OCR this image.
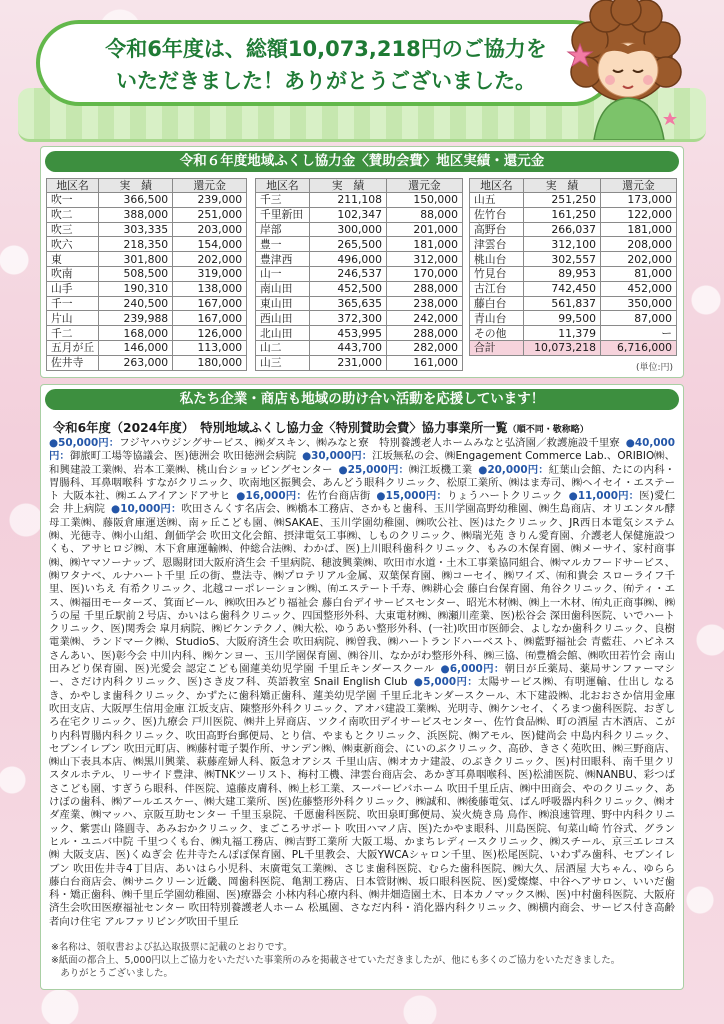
令和6年度は、総額10,073,218円のご協力を

いただきました！ありがとうございました。

令和６年度地域ふくし協力金〈賛助会費〉地区実績・還元金
地区名	実　績	還元金
吹一	366,500	239,000
吹二	388,000	251,000
吹三	303,335	203,000
吹六	218,350	154,000
東	301,800	202,000
吹南	508,500	319,000
山手	190,310	138,000
千一	240,500	167,000
片山	239,988	167,000
千二	168,000	126,000
五月が丘	146,000	113,000
佐井寺	263,000	180,000
地区名	実　績	還元金
千三	211,108	150,000
千里新田	102,347	88,000
岸部	300,000	201,000
豊一	265,500	181,000
豊津西	496,000	312,000
山一	246,537	170,000
南山田	452,500	288,000
東山田	365,635	238,000
西山田	372,300	242,000
北山田	453,995	288,000
山二	443,700	282,000
山三	231,000	161,000
地区名	実　績	還元金
山五	251,250	173,000
佐竹台	161,250	122,000
高野台	266,037	181,000
津雲台	312,100	208,000
桃山台	302,557	202,000
竹見台	89,953	81,000
古江台	742,450	452,000
藤白台	561,837	350,000
青山台	99,500	87,000
その他	11,379	ー
合計	10,073,218	6,716,000
(単位:円)
私たち企業・商店も地域の助け合い活動を応援しています！
令和6年度（2024年度）　特別地域ふくし協力金〈特別賛助会費〉協力事業所一覧（順不同・敬称略）
●50,000円：フジヤハウジングサービス、㈱ダスキン、㈱みなと寮　特別養護老人ホームみなと弘済園／救護施設千里寮 ●40,000円：御旅町工場等協議会、医)徳洲会 吹田徳洲会病院 ●30,000円：江坂無私の会、㈱Engagement Commerce Lab.、ORIBIO㈱、和興建設工業㈱、岩本工業㈱、桃山台ショッピングセンター ●25,000円：㈱江坂機工業 ●20,000円：紅葉山会館、たにの内科・胃腸科、耳鼻咽喉科 すながクリニック、吹南地区振興会、あんどう眼科クリニック、松原工業所、㈱はま寿司、㈱ヘイセイ・エステート 大阪本社、㈱エムアイアンドアサヒ ●16,000円：佐竹台商店街 ●15,000円：りょうハートクリニック ●11,000円：医)愛仁会 井上病院 ●10,000円：吹田さんくす名店会、㈱橋本工務店、さかもと歯科、玉川学園高野幼稚園、㈱生島商店、オリエンタル酵母工業㈱、藤阪倉庫運送㈱、南ヶ丘こども園、㈱SAKAE、玉川学園幼稚園、㈱吹公社、医)はたクリニック、JR西日本電気システム㈱、光徳寺、㈱小山組、創価学会 吹田文化会館、摂津電気工事㈱、しものクリニック、㈱瑞光苑 きりん愛育園、介護老人保健施設つくも、アサヒロジ㈱、木下倉庫運輸㈱、仲総合法㈱、わかば、医)上川眼科歯科クリニック、もみの木保育園、㈱メーサイ、家村商事㈱、㈱ヤマソーナップ、恩賜財団大阪府済生会 千里病院、穂波興業㈱、吹田市水道・土木工事業協同組合、㈱マルカフードサービス、㈱ワタナベ、ルナハート千里 丘の街、豊法寺、㈱プロテリアル金属、双葉保育園、㈱コーセイ、㈱ワイズ、㈲和貴会 スローライフ千里、医)いちえ 有希クリニック、北越コーポレーション㈱、㈲エステート千寿、㈱耕心会 藤白台保育園、角谷クリニック、㈲ティ・エス、㈱福田モーターズ、箕面ビール、㈱吹田みどり福祉会 藤白台デイサービスセンター、昭光木材㈱、㈱上一木材、㈲丸正商事㈱、㈱うの屋 千里丘駅前２号店、かいはら歯科クリニック、四国整形外科、大東電材㈱、㈱瀬川産業、医)松谷会 深田歯科医院、いでハートクリニック、医)関秀会 皐月病院、㈱ピケンテクノ、㈱大松、ゆうあい整形外科、(一社)吹田市医師会、よしなか歯科クリニック、良樹電業㈱、ランドマーク㈱、StudioS、大阪府済生会 吹田病院、㈱曽我、㈱ハートランドハーベスト、㈱藍野福祉会 青藍荘、ハピネスさんあい、医)彰今会 中川内科、㈱ケンヨー、玉川学園保育園、㈱谷川、なかがわ整形外科、㈱三協、㈲豊橋会館、㈱吹田若竹会 南山田みどり保育園、医)光愛会 認定こども園蓮美幼児学園 千里丘キンダースクール ●6,000円：朝日が丘薬局、薬局サンファーマシー、さだけ内科クリニック、医)さき皮フ科、英語教室 Snail English Club ●5,000円：太陽サービス㈱、有明運輸、仕出し なるき、かやしま歯科クリニック、かずたに歯科矯正歯科、蓮美幼児学園 千里丘北キンダースクール、木下建設㈱、北おおさか信用金庫 吹田支店、大阪厚生信用金庫 江坂支店、陳整形外科クリニック、アオバ建設工業㈱、光明寺、㈱ケンセイ、くろまつ歯科医院、おぎしろ在宅クリニック、医)九療会 戸川医院、㈱井上昇商店、ツクイ南吹田デイサービスセンター、佐竹食品㈱、町の酒屋 古木酒店、こがり内科胃腸内科クリニック、吹田高野台郵便局、とり信、やまもとクリニック、浜医院、㈱アモル、医)健尚会 中島内科クリニック、セブンイレブン 吹田元町店、㈱藤村電子製作所、サンデン㈱、㈱東新商会、にいのぶクリニック、高砂、きさく苑吹田、㈱三野商店、㈱山下表具本店、㈱黒川興業、萩藤産婦人科、阪急オアシス 千里山店、㈱オカナ建設、のぶきクリニック、医)村田眼科、南千里クリスタルホテル、リーサイド豊津、㈱TNKツーリスト、梅村工機、津雲台商店会、あかぎ耳鼻咽喉科、医)松浦医院、㈱NANBU、彩つばさこども園、すぎうら眼科、伴医院、遠藤皮膚科、㈱上杉工業、スーパービバホーム 吹田千里丘店、㈱中田商会、やのクリニック、あけぼの歯科、㈱アールエスケー、㈱大建工業所、医)佐藤整形外科クリニック、㈱誠和、㈱後藤電気、ばん呼吸器内科クリニック、㈱オダ産業、㈱マッハ、京阪互助センター 千里玉泉院、千愿歯科医院、吹田泉町郵便局、炭火焼き鳥 鳥作、㈱浪速管理、野中内科クリニック、紫雲山 隆圓寺、あみおかクリニック、まごころサポート 吹田ハマノ店、医)たかやま眼科、川島医院、旬菜山崎 竹谷式、グランヒル・ユニバ中院 千里つくも台、㈱丸福工務店、㈱吉野工業所 大阪工場、かまちレディースクリニック、㈱スチール、京三エレコス㈱ 大阪支店、医)くぬぎ会 佐井寺たんぽぽ保育園、PL千里教会、大阪YWCAシャロン千里、医)松尾医院、いわずみ歯科、セブンイレブン 吹田佐井寺4丁目店、あいはら小児科、末廣電気工業㈱、さじま歯科医院、むらた歯科医院、㈱大久、居酒屋 大ちゃん、ゆらら藤白台商店会、㈱サニクリーン近畿、岡歯科医院、亀割工務店、日本管財㈱、坂口眼科医院、医)愛燦燦、中谷ヘアサロン、いいだ歯科・矯正歯科、㈱千里丘学園幼稚園、医)療器会 小林内科心療内科、㈱井畑造園土木、日本カノマックス㈱、医)中村歯科医院、大阪府済生会吹田医療福祉センター 吹田特別養護老人ホーム 松風園、さなだ内科・消化器内科クリニック、㈱横内商会、サービス付き高齢者向け住宅 アルファリビング吹田千里丘
※名称は、領収書および払込取扱票に記載のとおりです。
※紙面の都合上、5,000円以上ご協力をいただいた事業所のみを掲載させていただきましたが、他にも多くのご協力をいただきました。
　ありがとうございました。
